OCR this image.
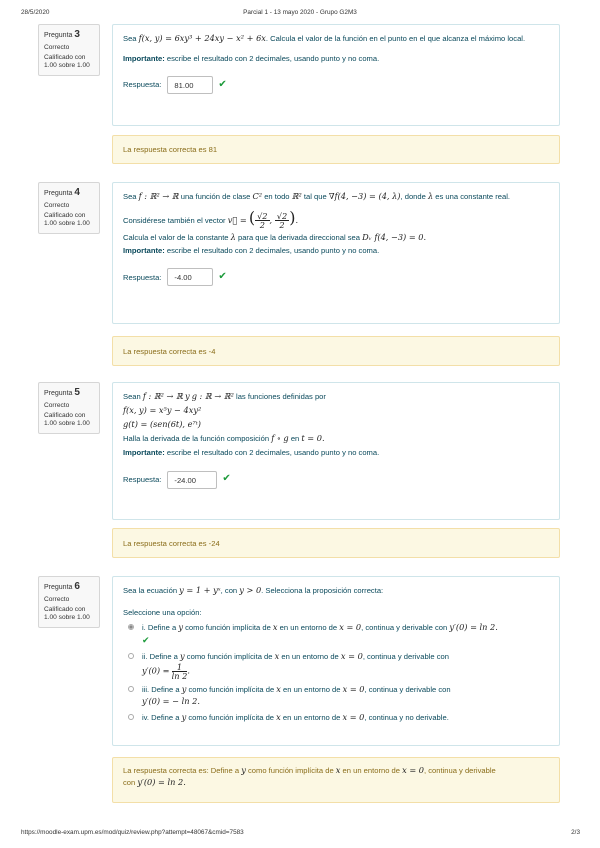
28/5/2020	Parcial 1 - 13 mayo 2020 - Grupo G2M3
Pregunta 3
Correcto
Calificado con
1.00 sobre 1.00

Sea f(x, y) = 6xy³ + 24xy − x² + 6x. Calcula el valor de la función en el punto en el que alcanza el máximo local.

Importante: escribe el resultado con 2 decimales, usando punto y no coma.

Respuesta:	81.00	✔
La respuesta correcta es 81
Pregunta 4
Correcto
Calificado con
1.00 sobre 1.00

Sea f : ℝ² → ℝ una función de clase C² en todo ℝ² tal que ∇f(4, −3) = (4, λ), donde λ es una constante real.

Considérese también el vector v⃗ = ( $\frac{√2}{2}$ , $\frac{√2}{2}$ ).

Calcula el valor de la constante λ para que la derivada direccional sea Dᵥ f(4, −3) = 0.

Importante: escribe el resultado con 2 decimales, usando punto y no coma.

Respuesta:	-4.00	✔
La respuesta correcta es -4
Pregunta 5
Correcto
Calificado con
1.00 sobre 1.00

Sean f : ℝ² → ℝ y g : ℝ → ℝ² las funciones definidas por

f(x, y) = x⁵y − 4xy²

g(t) = (sen(6t), e⁷ᵗ)

Halla la derivada de la función composición f ∘ g en t = 0.

Importante: escribe el resultado con 2 decimales, usando punto y no coma.

Respuesta:	-24.00	✔
La respuesta correcta es -24
Pregunta 6
Correcto
Calificado con
1.00 sobre 1.00

Sea la ecuación y = 1 + yˣ, con y > 0. Selecciona la proposición correcta:

Seleccione una opción:

i. Define a y como función implícita de x en un entorno de x = 0, continua y derivable con y′(0) = ln 2.
✔
ii. Define a y como función implícita de x en un entorno de x = 0, continua y derivable con
$y'(0) = \frac{1}{\ln 2}$ .
iii. Define a y como función implícita de x en un entorno de x = 0, continua y derivable con
y′(0) = − ln 2.
iv. Define a y como función implícita de x en un entorno de x = 0, continua y no derivable.
La respuesta correcta es: Define a y como función implícita de x en un entorno de x = 0, continua y derivable
con y′(0) = ln 2.
https://moodle-exam.upm.es/mod/quiz/review.php?attempt=48067&cmid=7583	2/3
